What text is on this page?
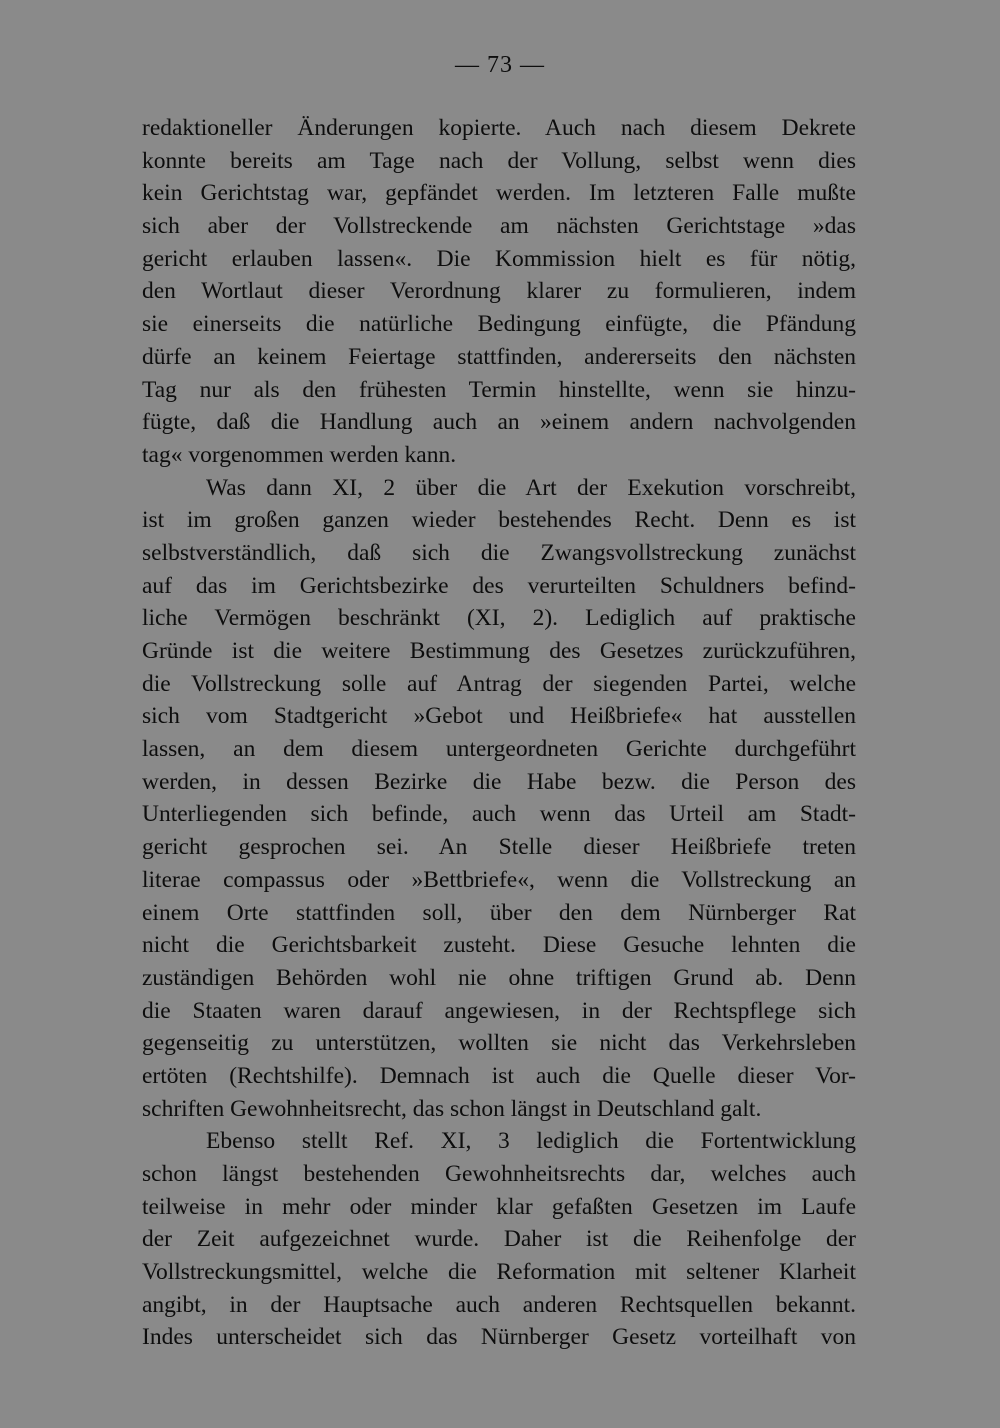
— 73 —
redaktioneller Änderungen kopierte. Auch nach diesem Dekrete
konnte bereits am Tage nach der Vollung, selbst wenn dies
kein Gerichtstag war, gepfändet werden. Im letzteren Falle mußte
sich aber der Vollstreckende am nächsten Gerichtstage »das
gericht erlauben lassen«. Die Kommission hielt es für nötig,
den Wortlaut dieser Verordnung klarer zu formulieren, indem
sie einerseits die natürliche Bedingung einfügte, die Pfändung
dürfe an keinem Feiertage stattfinden, andererseits den nächsten
Tag nur als den frühesten Termin hinstellte, wenn sie hinzu-
fügte, daß die Handlung auch an »einem andern nachvolgenden
tag« vorgenommen werden kann.
Was dann XI, 2 über die Art der Exekution vorschreibt,
ist im großen ganzen wieder bestehendes Recht. Denn es ist
selbstverständlich, daß sich die Zwangsvollstreckung zunächst
auf das im Gerichtsbezirke des verurteilten Schuldners befind-
liche Vermögen beschränkt (XI, 2). Lediglich auf praktische
Gründe ist die weitere Bestimmung des Gesetzes zurückzuführen,
die Vollstreckung solle auf Antrag der siegenden Partei, welche
sich vom Stadtgericht »Gebot und Heißbriefe« hat ausstellen
lassen, an dem diesem untergeordneten Gerichte durchgeführt
werden, in dessen Bezirke die Habe bezw. die Person des
Unterliegenden sich befinde, auch wenn das Urteil am Stadt-
gericht gesprochen sei. An Stelle dieser Heißbriefe treten
literae compassus oder »Bettbriefe«, wenn die Vollstreckung an
einem Orte stattfinden soll, über den dem Nürnberger Rat
nicht die Gerichtsbarkeit zusteht. Diese Gesuche lehnten die
zuständigen Behörden wohl nie ohne triftigen Grund ab. Denn
die Staaten waren darauf angewiesen, in der Rechtspflege sich
gegenseitig zu unterstützen, wollten sie nicht das Verkehrsleben
ertöten (Rechtshilfe). Demnach ist auch die Quelle dieser Vor-
schriften Gewohnheitsrecht, das schon längst in Deutschland galt.
Ebenso stellt Ref. XI, 3 lediglich die Fortentwicklung
schon längst bestehenden Gewohnheitsrechts dar, welches auch
teilweise in mehr oder minder klar gefaßten Gesetzen im Laufe
der Zeit aufgezeichnet wurde. Daher ist die Reihenfolge der
Vollstreckungsmittel, welche die Reformation mit seltener Klarheit
angibt, in der Hauptsache auch anderen Rechtsquellen bekannt.
Indes unterscheidet sich das Nürnberger Gesetz vorteilhaft von
